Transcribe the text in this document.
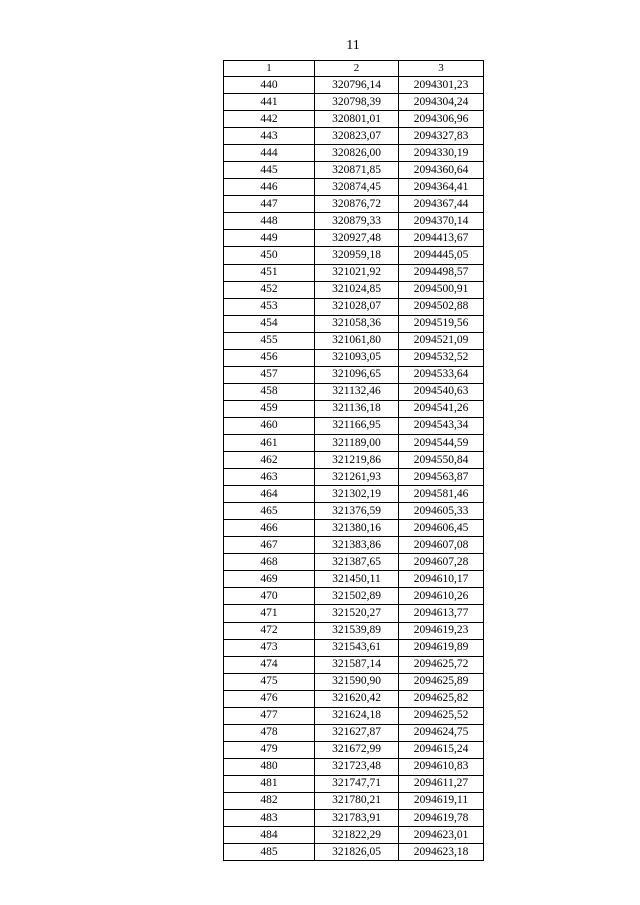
11
1	2	3
440	320796,14	2094301,23
441	320798,39	2094304,24
442	320801,01	2094306,96
443	320823,07	2094327,83
444	320826,00	2094330,19
445	320871,85	2094360,64
446	320874,45	2094364,41
447	320876,72	2094367,44
448	320879,33	2094370,14
449	320927,48	2094413,67
450	320959,18	2094445,05
451	321021,92	2094498,57
452	321024,85	2094500,91
453	321028,07	2094502,88
454	321058,36	2094519,56
455	321061,80	2094521,09
456	321093,05	2094532,52
457	321096,65	2094533,64
458	321132,46	2094540,63
459	321136,18	2094541,26
460	321166,95	2094543,34
461	321189,00	2094544,59
462	321219,86	2094550,84
463	321261,93	2094563,87
464	321302,19	2094581,46
465	321376,59	2094605,33
466	321380,16	2094606,45
467	321383,86	2094607,08
468	321387,65	2094607,28
469	321450,11	2094610,17
470	321502,89	2094610,26
471	321520,27	2094613,77
472	321539,89	2094619,23
473	321543,61	2094619,89
474	321587,14	2094625,72
475	321590,90	2094625,89
476	321620,42	2094625,82
477	321624,18	2094625,52
478	321627,87	2094624,75
479	321672,99	2094615,24
480	321723,48	2094610,83
481	321747,71	2094611,27
482	321780,21	2094619,11
483	321783,91	2094619,78
484	321822,29	2094623,01
485	321826,05	2094623,18
